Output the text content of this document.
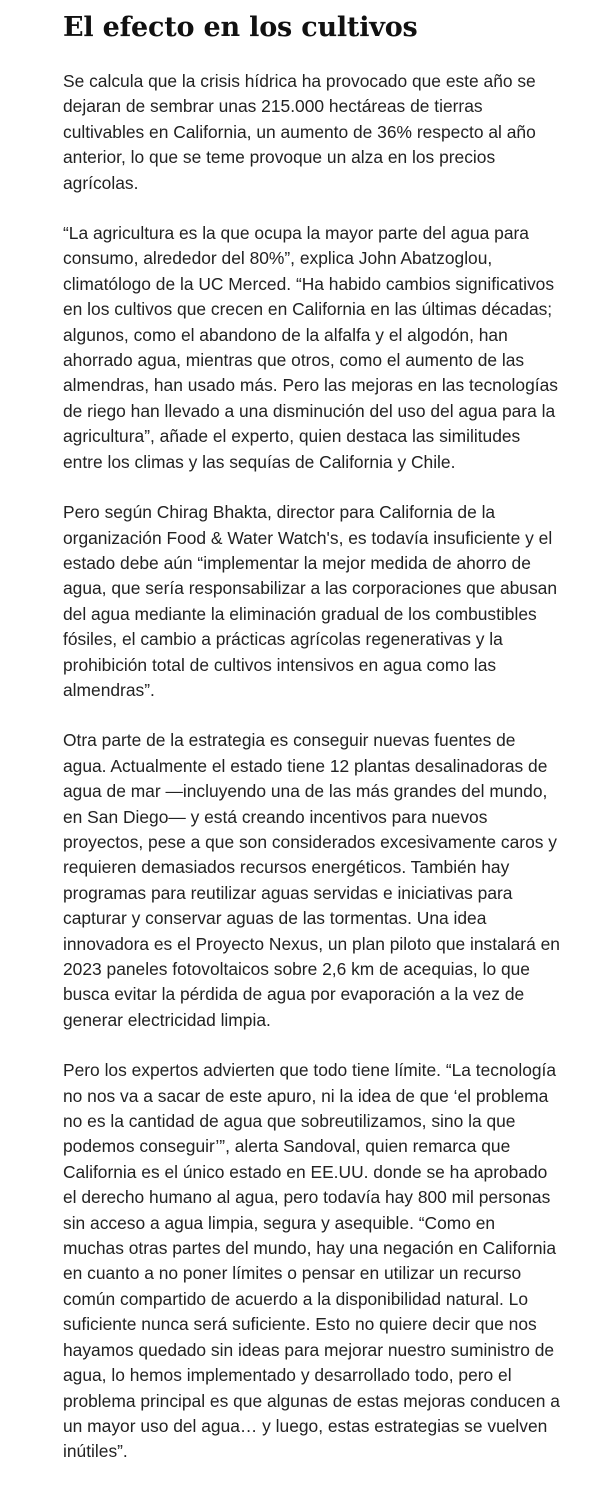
El efecto en los cultivos

Se calcula que la crisis hídrica ha provocado que este año se dejaran de sembrar unas 215.000 hectáreas de tierras cultivables en California, un aumento de 36% respecto al año anterior, lo que se teme provoque un alza en los precios agrícolas.

“La agricultura es la que ocupa la mayor parte del agua para consumo, alrededor del 80%”, explica John Abatzoglou, climatólogo de la UC Merced. “Ha habido cambios significativos en los cultivos que crecen en California en las últimas décadas; algunos, como el abandono de la alfalfa y el algodón, han ahorrado agua, mientras que otros, como el aumento de las almendras, han usado más. Pero las mejoras en las tecnologías de riego han llevado a una disminución del uso del agua para la agricultura”, añade el experto, quien destaca las similitudes entre los climas y las sequías de California y Chile.

Pero según Chirag Bhakta, director para California de la organización Food & Water Watch's, es todavía insuficiente y el estado debe aún “implementar la mejor medida de ahorro de agua, que sería responsabilizar a las corporaciones que abusan del agua mediante la eliminación gradual de los combustibles fósiles, el cambio a prácticas agrícolas regenerativas y la prohibición total de cultivos intensivos en agua como las almendras”.

Otra parte de la estrategia es conseguir nuevas fuentes de agua. Actualmente el estado tiene 12 plantas desalinadoras de agua de mar —incluyendo una de las más grandes del mundo, en San Diego— y está creando incentivos para nuevos proyectos, pese a que son considerados excesivamente caros y requieren demasiados recursos energéticos. También hay programas para reutilizar aguas servidas e iniciativas para capturar y conservar aguas de las tormentas. Una idea innovadora es el Proyecto Nexus, un plan piloto que instalará en 2023 paneles fotovoltaicos sobre 2,6 km de acequias, lo que busca evitar la pérdida de agua por evaporación a la vez de generar electricidad limpia.

Pero los expertos advierten que todo tiene límite. “La tecnología no nos va a sacar de este apuro, ni la idea de que ‘el problema no es la cantidad de agua que sobreutilizamos, sino la que podemos conseguir’”, alerta Sandoval, quien remarca que California es el único estado en EE.UU. donde se ha aprobado el derecho humano al agua, pero todavía hay 800 mil personas sin acceso a agua limpia, segura y asequible. “Como en muchas otras partes del mundo, hay una negación en California en cuanto a no poner límites o pensar en utilizar un recurso común compartido de acuerdo a la disponibilidad natural. Lo suficiente nunca será suficiente. Esto no quiere decir que nos hayamos quedado sin ideas para mejorar nuestro suministro de agua, lo hemos implementado y desarrollado todo, pero el problema principal es que algunas de estas mejoras conducen a un mayor uso del agua… y luego, estas estrategias se vuelven inútiles”.
